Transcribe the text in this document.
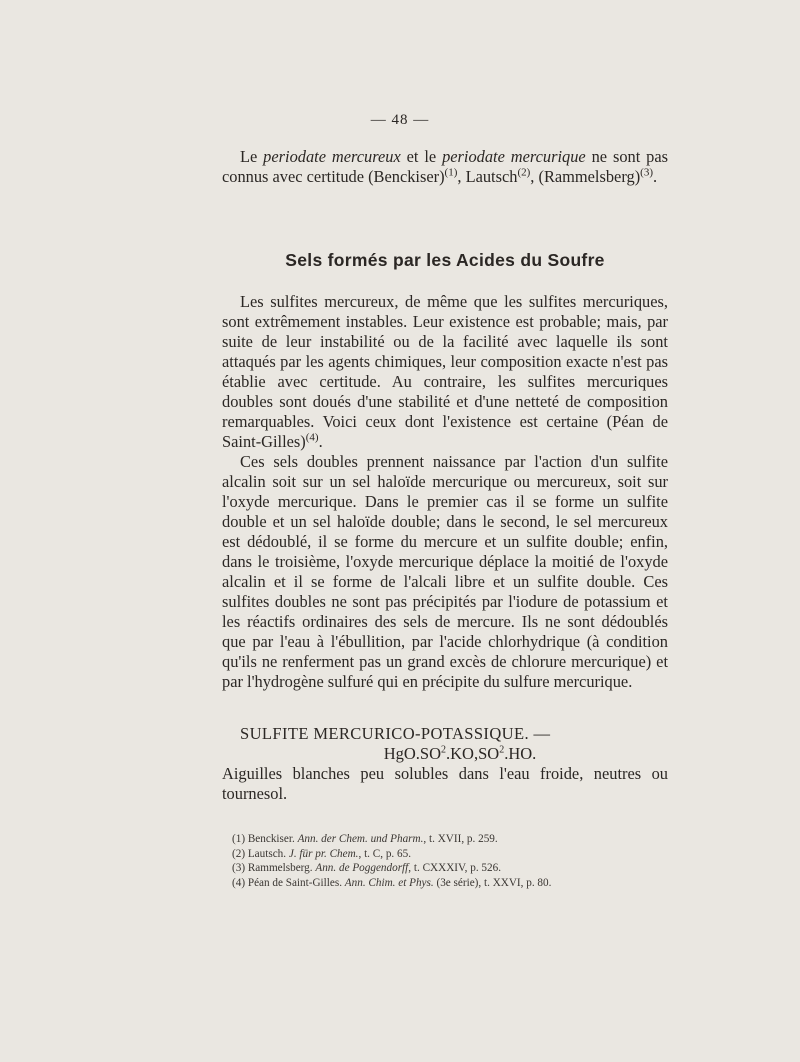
— 48 —

Le periodate mercureux et le periodate mercurique ne sont pas connus avec certitude (Benckiser)$^{(1)}$, Lautsch$^{(2)}$, (Rammelsberg)$^{(3)}$.

Sels formés par les Acides du Soufre

Les sulfites mercureux, de même que les sulfites mercuriques, sont extrêmement instables. Leur existence est probable; mais, par suite de leur instabilité ou de la facilité avec laquelle ils sont attaqués par les agents chimiques, leur composition exacte n'est pas établie avec certitude. Au contraire, les sulfites mercuriques doubles sont doués d'une stabilité et d'une netteté de composition remarquables. Voici ceux dont l'existence est certaine (Péan de Saint-Gilles)$^{(4)}$.

Ces sels doubles prennent naissance par l'action d'un sulfite alcalin soit sur un sel haloïde mercurique ou mercureux, soit sur l'oxyde mercurique. Dans le premier cas il se forme un sulfite double et un sel haloïde double; dans le second, le sel mercureux est dédoublé, il se forme du mercure et un sulfite double; enfin, dans le troisième, l'oxyde mercurique déplace la moitié de l'oxyde alcalin et il se forme de l'alcali libre et un sulfite double. Ces sulfites doubles ne sont pas précipités par l'iodure de potassium et les réactifs ordinaires des sels de mercure. Ils ne sont dédoublés que par l'eau à l'ébullition, par l'acide chlorhydrique (à condition qu'ils ne renferment pas un grand excès de chlorure mercurique) et par l'hydrogène sulfuré qui en précipite du sulfure mercurique.

SULFITE MERCURICO-POTASSIQUE. —
$HgO.SO^2.KO,SO^2.HO$.

Aiguilles blanches peu solubles dans l'eau froide, neutres ou tournesol.

(1) Benckiser. Ann. der Chem. und Pharm., t. XVII, p. 259.
(2) Lautsch. J. für pr. Chem., t. C, p. 65.
(3) Rammelsberg. Ann. de Poggendorff, t. CXXXIV, p. 526.
(4) Péan de Saint-Gilles. Ann. Chim. et Phys. (3e série), t. XXVI, p. 80.
